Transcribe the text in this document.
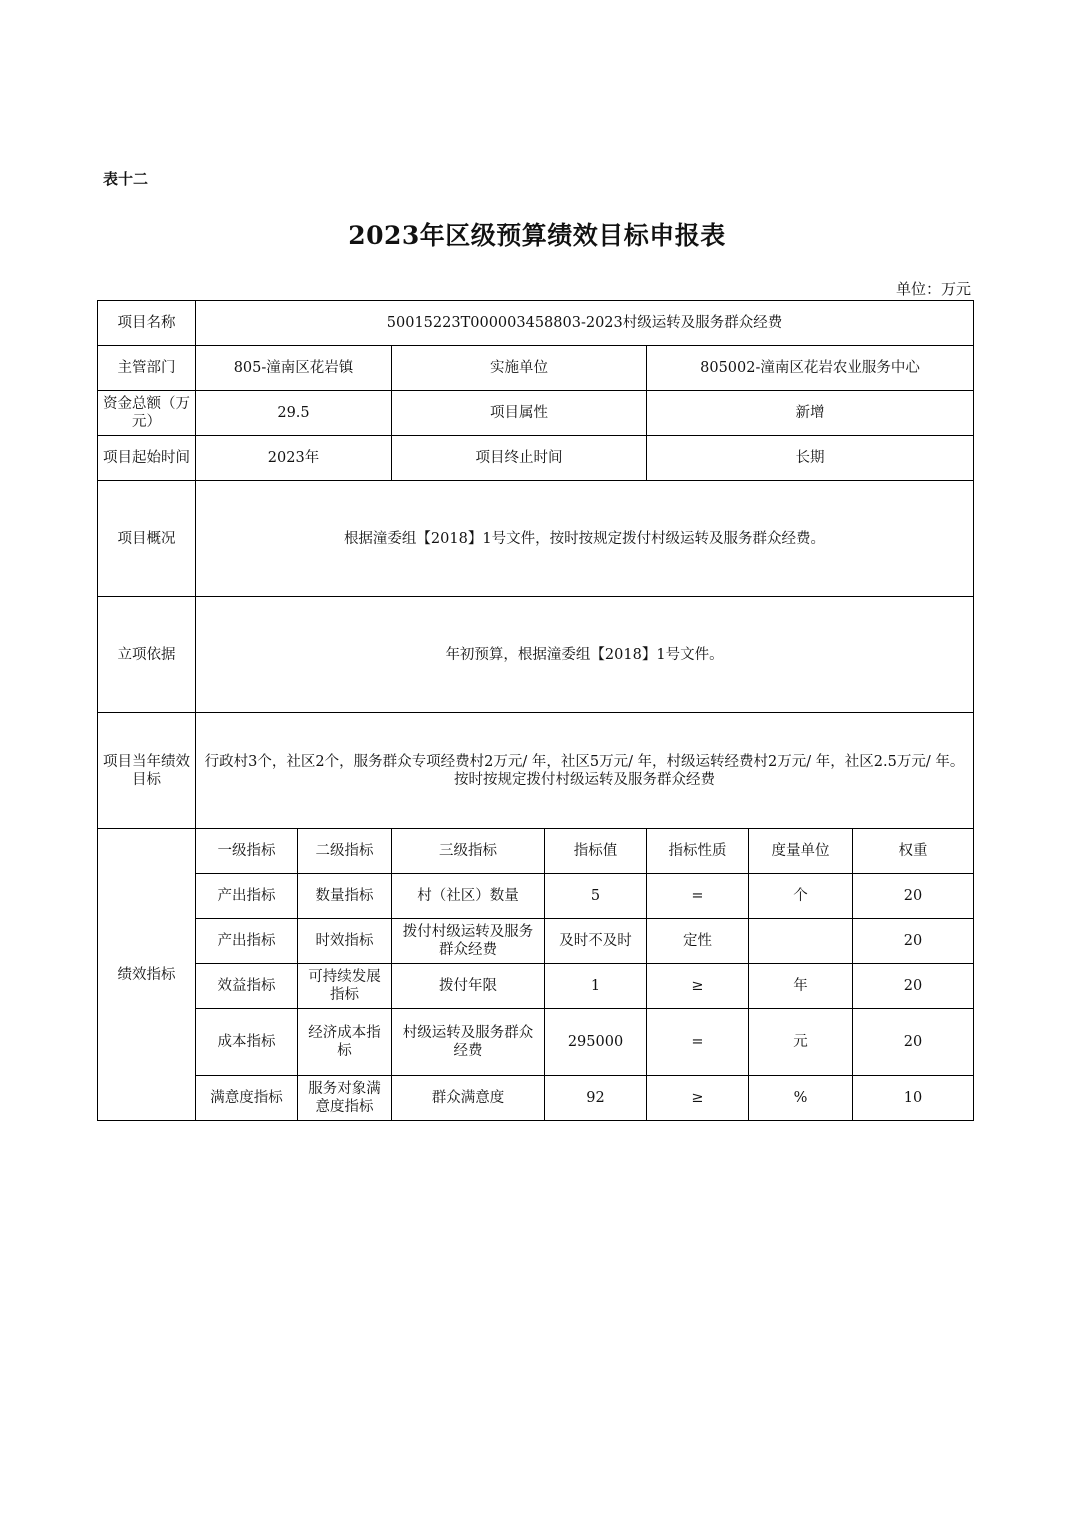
表十二
2023年区级预算绩效目标申报表
单位：万元
项目名称	50015223T000003458803-2023村级运转及服务群众经费						
主管部门	805-潼南区花岩镇		实施单位		805002-潼南区花岩农业服务中心		
资金总额（万元）	29.5		项目属性		新增		
项目起始时间	2023年		项目终止时间		长期		
项目概况	根据潼委组【2018】1号文件，按时按规定拨付村级运转及服务群众经费。						
立项依据	年初预算，根据潼委组【2018】1号文件。						
项目当年绩效目标	行政村3个，社区2个，服务群众专项经费村2万元/ 年，社区5万元/ 年，村级运转经费村2万元/ 年，社区2.5万元/ 年。按时按规定拨付村级运转及服务群众经费						
绩效指标	一级指标	二级指标	三级指标	指标值	指标性质	度量单位	权重
	产出指标	数量指标	村（社区）数量	5	=	个	20
	产出指标	时效指标	拨付村级运转及服务群众经费	及时不及时	定性		20
	效益指标	可持续发展指标	拨付年限	1	≥	年	20
	成本指标	经济成本指标	村级运转及服务群众经费	295000	=	元	20
	满意度指标	服务对象满意度指标	群众满意度	92	≥	%	10
